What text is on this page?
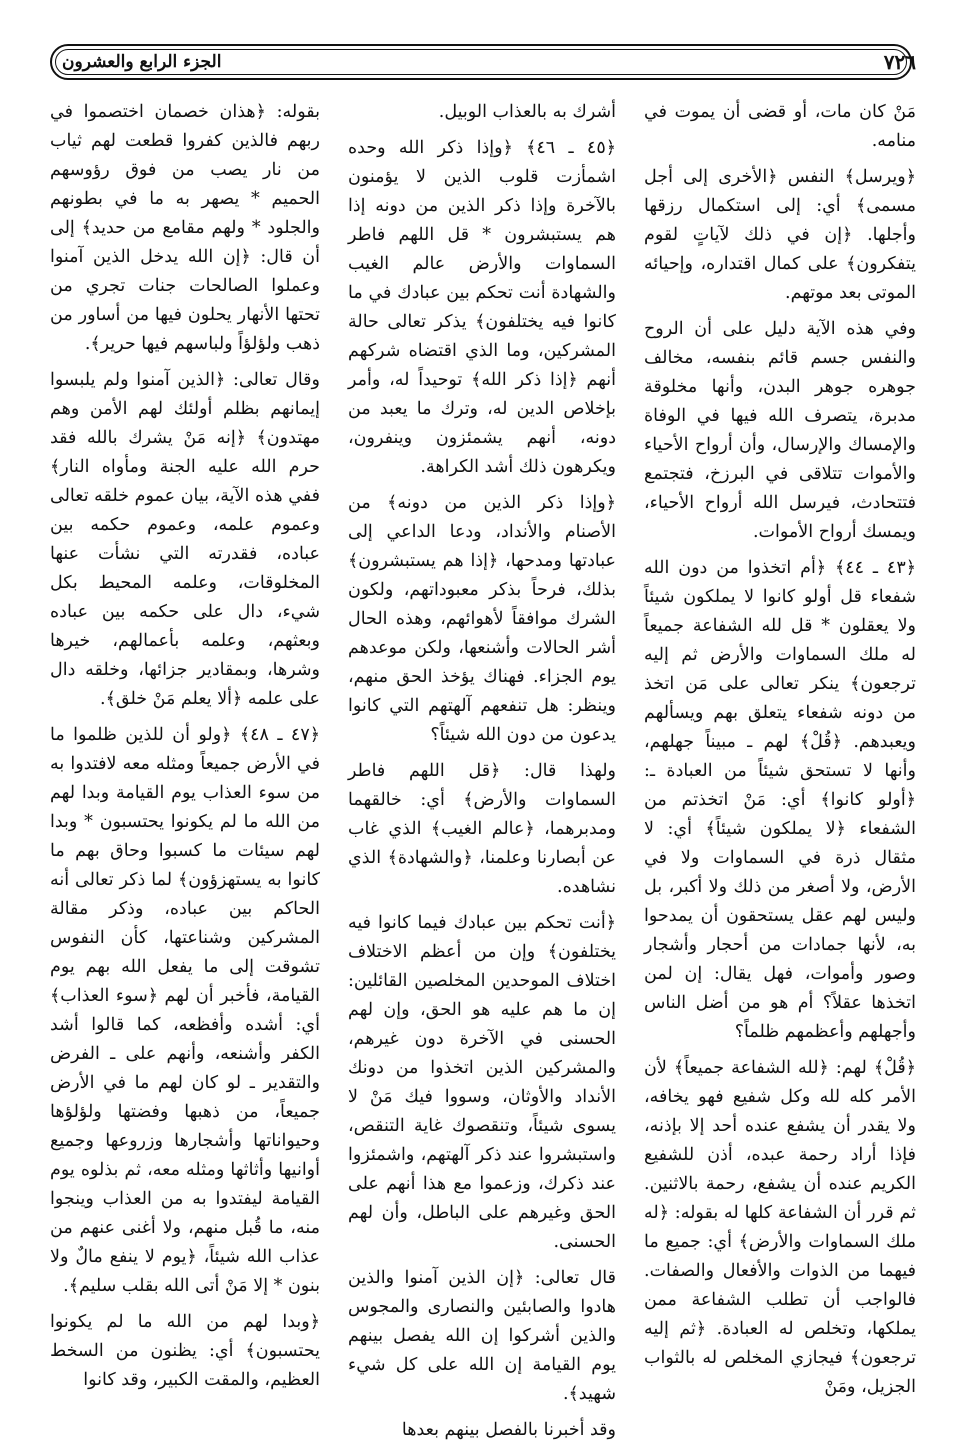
٧٢٦
الجزء الرابع والعشرون

مَنْ كان مات، أو قضى أن يموت في منامه.

﴿ويرسل﴾ النفس ﴿الأخرى إلى أجل مسمى﴾ أي: إلى استكمال رزقها وأجلها. ﴿إن في ذلك لآياتٍ لقوم يتفكرون﴾ على كمال اقتداره، وإحيائه الموتى بعد موتهم.

وفي هذه الآية دليل على أن الروح والنفس جسم قائم بنفسه، مخالف جوهره جوهر البدن، وأنها مخلوقة مدبرة، يتصرف الله فيها في الوفاة والإمساك والإرسال، وأن أرواح الأحياء والأموات تتلاقى في البرزخ، فتجتمع فتتحادث، فيرسل الله أرواح الأحياء، ويمسك أرواح الأموات.

﴿٤٣ ـ ٤٤﴾ ﴿أم اتخذوا من دون الله شفعاء قل أولو كانوا لا يملكون شيئاً ولا يعقلون * قل لله الشفاعة جميعاً له ملك السماوات والأرض ثم إليه ترجعون﴾ ينكر تعالى على مَن اتخذ من دونه شفعاء يتعلق بهم ويسألهم ويعبدهم. ﴿قُلْ﴾ لهم ـ مبيناً جهلهم، وأنها لا تستحق شيئاً من العبادة ـ: ﴿أولو كانوا﴾ أي: مَنْ اتخذتم من الشفعاء ﴿لا يملكون شيئاً﴾ أي: لا مثقال ذرة في السماوات ولا في الأرض، ولا أصغر من ذلك ولا أكبر، بل وليس لهم عقل يستحقون أن يمدحوا به، لأنها جمادات من أحجار وأشجار وصور وأموات، فهل يقال: إن لمن اتخذها عقلاً؟ أم هو من أضل الناس وأجهلهم وأعظمهم ظلماً؟

﴿قُلْ﴾ لهم: ﴿لله الشفاعة جميعاً﴾ لأن الأمر كله لله وكل شفيع فهو يخافه، ولا يقدر أن يشفع عنده أحد إلا بإذنه، فإذا أراد رحمة عبده، أذن للشفيع الكريم عنده أن يشفع، رحمة بالاثنين. ثم قرر أن الشفاعة كلها له بقوله: ﴿له ملك السماوات والأرض﴾ أي: جميع ما فيهما من الذوات والأفعال والصفات. فالواجب أن تطلب الشفاعة ممن يملكها، وتخلص له العبادة. ﴿ثم إليه ترجعون﴾ فيجازي المخلص له بالثواب الجزيل، ومَنْ

أشرك به بالعذاب الوبيل.

﴿٤٥ ـ ٤٦﴾ ﴿وإذا ذكر الله وحده اشمأزت قلوب الذين لا يؤمنون بالآخرة وإذا ذكر الذين من دونه إذا هم يستبشرون * قل اللهم فاطر السماوات والأرض عالم الغيب والشهادة أنت تحكم بين عبادك في ما كانوا فيه يختلفون﴾ يذكر تعالى حالة المشركين، وما الذي اقتضاه شركهم أنهم ﴿إذا ذكر الله﴾ توحيداً له، وأمر بإخلاص الدين له، وترك ما يعبد من دونه، أنهم يشمئزون وينفرون، ويكرهون ذلك أشد الكراهة.

﴿وإذا ذكر الذين من دونه﴾ من الأصنام والأنداد، ودعا الداعي إلى عبادتها ومدحها، ﴿إذا هم يستبشرون﴾ بذلك، فرحاً بذكر معبوداتهم، ولكون الشرك موافقاً لأهوائهم، وهذه الحال أشر الحالات وأشنعها، ولكن موعدهم يوم الجزاء. فهناك يؤخذ الحق منهم، وينظر: هل تنفعهم آلهتهم التي كانوا يدعون من دون الله شيئاً؟

ولهذا قال: ﴿قل اللهم فاطر السماوات والأرض﴾ أي: خالقهما ومدبرهما، ﴿عالم الغيب﴾ الذي غاب عن أبصارنا وعلمنا، ﴿والشهادة﴾ الذي نشاهده.

﴿أنت تحكم بين عبادك فيما كانوا فيه يختلفون﴾ وإن من أعظم الاختلاف اختلاف الموحدين المخلصين القائلين: إن ما هم عليه هو الحق، وإن لهم الحسنى في الآخرة دون غيرهم، والمشركين الذين اتخذوا من دونك الأنداد والأوثان، وسووا فيك مَنْ لا يسوى شيئاً، وتنقصوك غاية التنقص، واستبشروا عند ذكر آلهتهم، واشمئزوا عند ذكرك، وزعموا مع هذا أنهم على الحق وغيرهم على الباطل، وأن لهم الحسنى.

قال تعالى: ﴿إن الذين آمنوا والذين هادوا والصابئين والنصارى والمجوس والذين أشركوا إن الله يفصل بينهم يوم القيامة إن الله على كل شيء شهيد﴾.

وقد أخبرنا بالفصل بينهم بعدها

بقوله: ﴿هذان خصمان اختصموا في ربهم فالذين كفروا قطعت لهم ثياب من نار يصب من فوق رؤوسهم الحميم * يصهر به ما في بطونهم والجلود * ولهم مقامع من حديد﴾ إلى أن قال: ﴿إن الله يدخل الذين آمنوا وعملوا الصالحات جنات تجري من تحتها الأنهار يحلون فيها من أساور من ذهب ولؤلؤاً ولباسهم فيها حرير﴾.

وقال تعالى: ﴿الذين آمنوا ولم يلبسوا إيمانهم بظلم أولئك لهم الأمن وهم مهتدون﴾ ﴿إنه مَنْ يشرك بالله فقد حرم الله عليه الجنة ومأواه النار﴾ ففي هذه الآية، بيان عموم خلقه تعالى وعموم علمه، وعموم حكمه بين عباده، فقدرته التي نشأت عنها المخلوقات، وعلمه المحيط بكل شيء، دال على حكمه بين عباده وبعثهم، وعلمه بأعمالهم، خيرها وشرها، وبمقادير جزائها، وخلقه دال على علمه ﴿ألا يعلم مَنْ خلق﴾.

﴿٤٧ ـ ٤٨﴾ ﴿ولو أن للذين ظلموا ما في الأرض جميعاً ومثله معه لافتدوا به من سوء العذاب يوم القيامة وبدا لهم من الله ما لم يكونوا يحتسبون * وبدا لهم سيئات ما كسبوا وحاق بهم ما كانوا به يستهزؤون﴾ لما ذكر تعالى أنه الحاكم بين عباده، وذكر مقالة المشركين وشناعتها، كأن النفوس تشوقت إلى ما يفعل الله بهم يوم القيامة، فأخبر أن لهم ﴿سوء العذاب﴾ أي: أشده وأفظعه، كما قالوا أشد الكفر وأشنعه، وأنهم على ـ الفرض والتقدير ـ لو كان لهم ما في الأرض جميعاً، من ذهبها وفضتها ولؤلؤها وحيواناتها وأشجارها وزروعها وجميع أوانيها وأثاثها ومثله معه، ثم بذلوه يوم القيامة ليفتدوا به من العذاب وينجوا منه، ما قُبل منهم، ولا أغنى عنهم من عذاب الله شيئاً، ﴿يوم لا ينفع مالٌ ولا بنون * إلا مَنْ أتى الله بقلب سليم﴾.

﴿وبدا لهم من الله ما لم يكونوا يحتسبون﴾ أي: يظنون من السخط العظيم، والمقت الكبير، وقد كانوا
